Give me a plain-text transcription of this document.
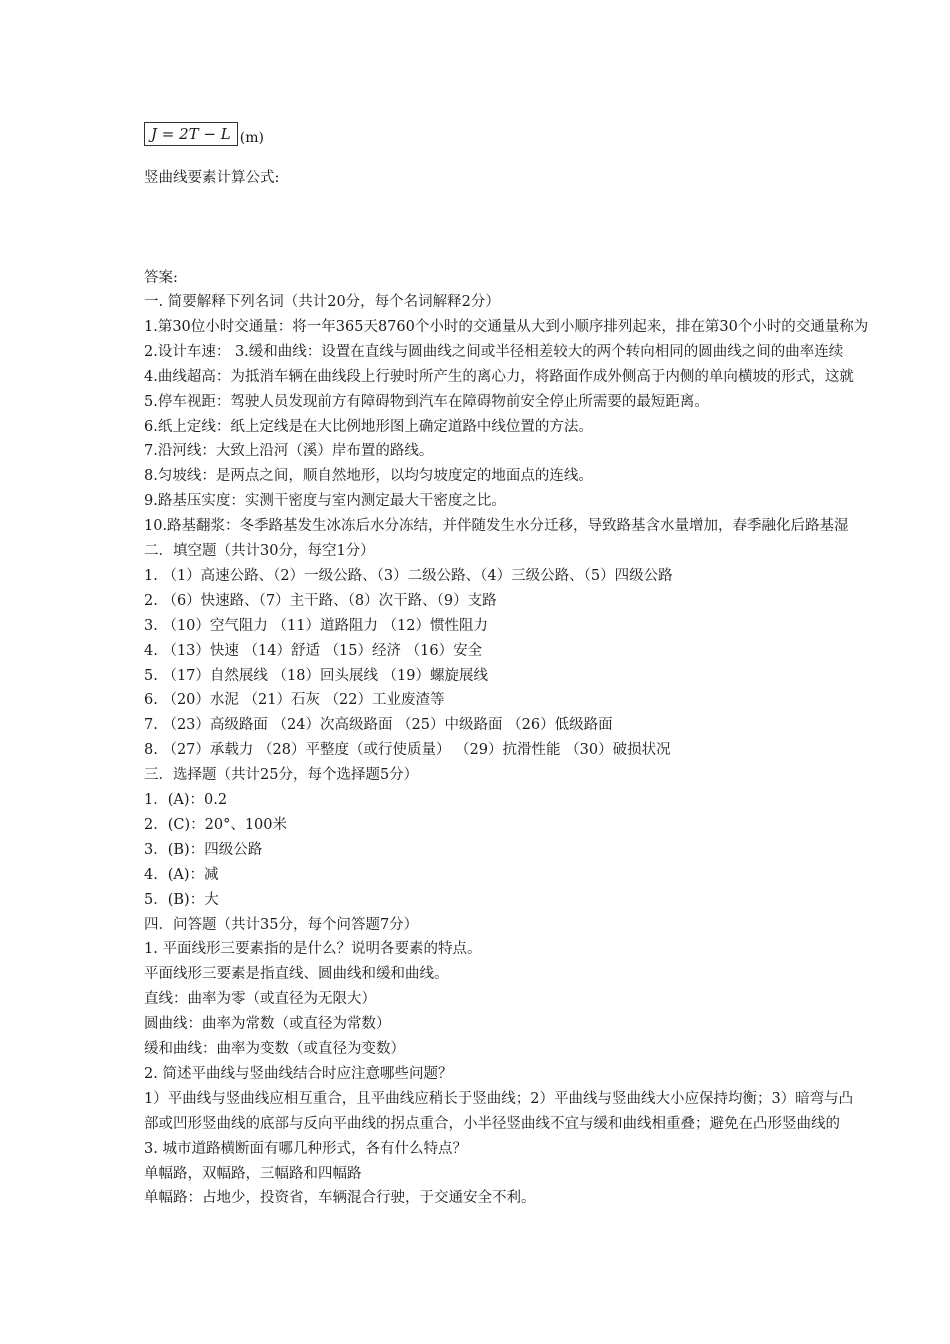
J = 2T − L (m)
竖曲线要素计算公式:
答案:
一. 简要解释下列名词（共计20分，每个名词解释2分）
1.第30位小时交通量：将一年365天8760个小时的交通量从大到小顺序排列起来，排在第30个小时的交通量称为
2.设计车速： 3.缓和曲线：设置在直线与圆曲线之间或半径相差较大的两个转向相同的圆曲线之间的曲率连续
4.曲线超高：为抵消车辆在曲线段上行驶时所产生的离心力，将路面作成外侧高于内侧的单向横坡的形式，这就
5.停车视距：驾驶人员发现前方有障碍物到汽车在障碍物前安全停止所需要的最短距离。
6.纸上定线：纸上定线是在大比例地形图上确定道路中线位置的方法。
7.沿河线：大致上沿河（溪）岸布置的路线。
8.匀坡线：是两点之间，顺自然地形，以均匀坡度定的地面点的连线。
9.路基压实度：实测干密度与室内测定最大干密度之比。
10.路基翻浆：冬季路基发生冰冻后水分冻结，并伴随发生水分迁移，导致路基含水量增加，春季融化后路基湿
二．填空题（共计30分，每空1分）
1. （1）高速公路、（2）一级公路、（3）二级公路、（4）三级公路、（5）四级公路
2. （6）快速路、（7）主干路、（8）次干路、（9）支路
3. （10）空气阻力 （11）道路阻力 （12）惯性阻力
4. （13）快速 （14）舒适 （15）经济 （16）安全
5. （17）自然展线 （18）回头展线 （19）螺旋展线
6. （20）水泥 （21）石灰 （22）工业废渣等
7. （23）高级路面 （24）次高级路面 （25）中级路面 （26）低级路面
8. （27）承载力 （28）平整度（或行使质量） （29）抗滑性能 （30）破损状况
三．选择题（共计25分，每个选择题5分）
1．(A)：0.2
2．(C)：20°、100米
3．(B)：四级公路
4．(A)：减
5．(B)：大
四．问答题（共计35分，每个问答题7分）
1. 平面线形三要素指的是什么？说明各要素的特点。
平面线形三要素是指直线、圆曲线和缓和曲线。
直线：曲率为零（或直径为无限大）
圆曲线：曲率为常数（或直径为常数）
缓和曲线：曲率为变数（或直径为变数）
2. 简述平曲线与竖曲线结合时应注意哪些问题？
1）平曲线与竖曲线应相互重合，且平曲线应稍长于竖曲线；2）平曲线与竖曲线大小应保持均衡；3）暗弯与凸
部或凹形竖曲线的底部与反向平曲线的拐点重合，小半径竖曲线不宜与缓和曲线相重叠；避免在凸形竖曲线的
3. 城市道路横断面有哪几种形式，各有什么特点？
单幅路，双幅路，三幅路和四幅路
单幅路：占地少，投资省，车辆混合行驶，于交通安全不利。
